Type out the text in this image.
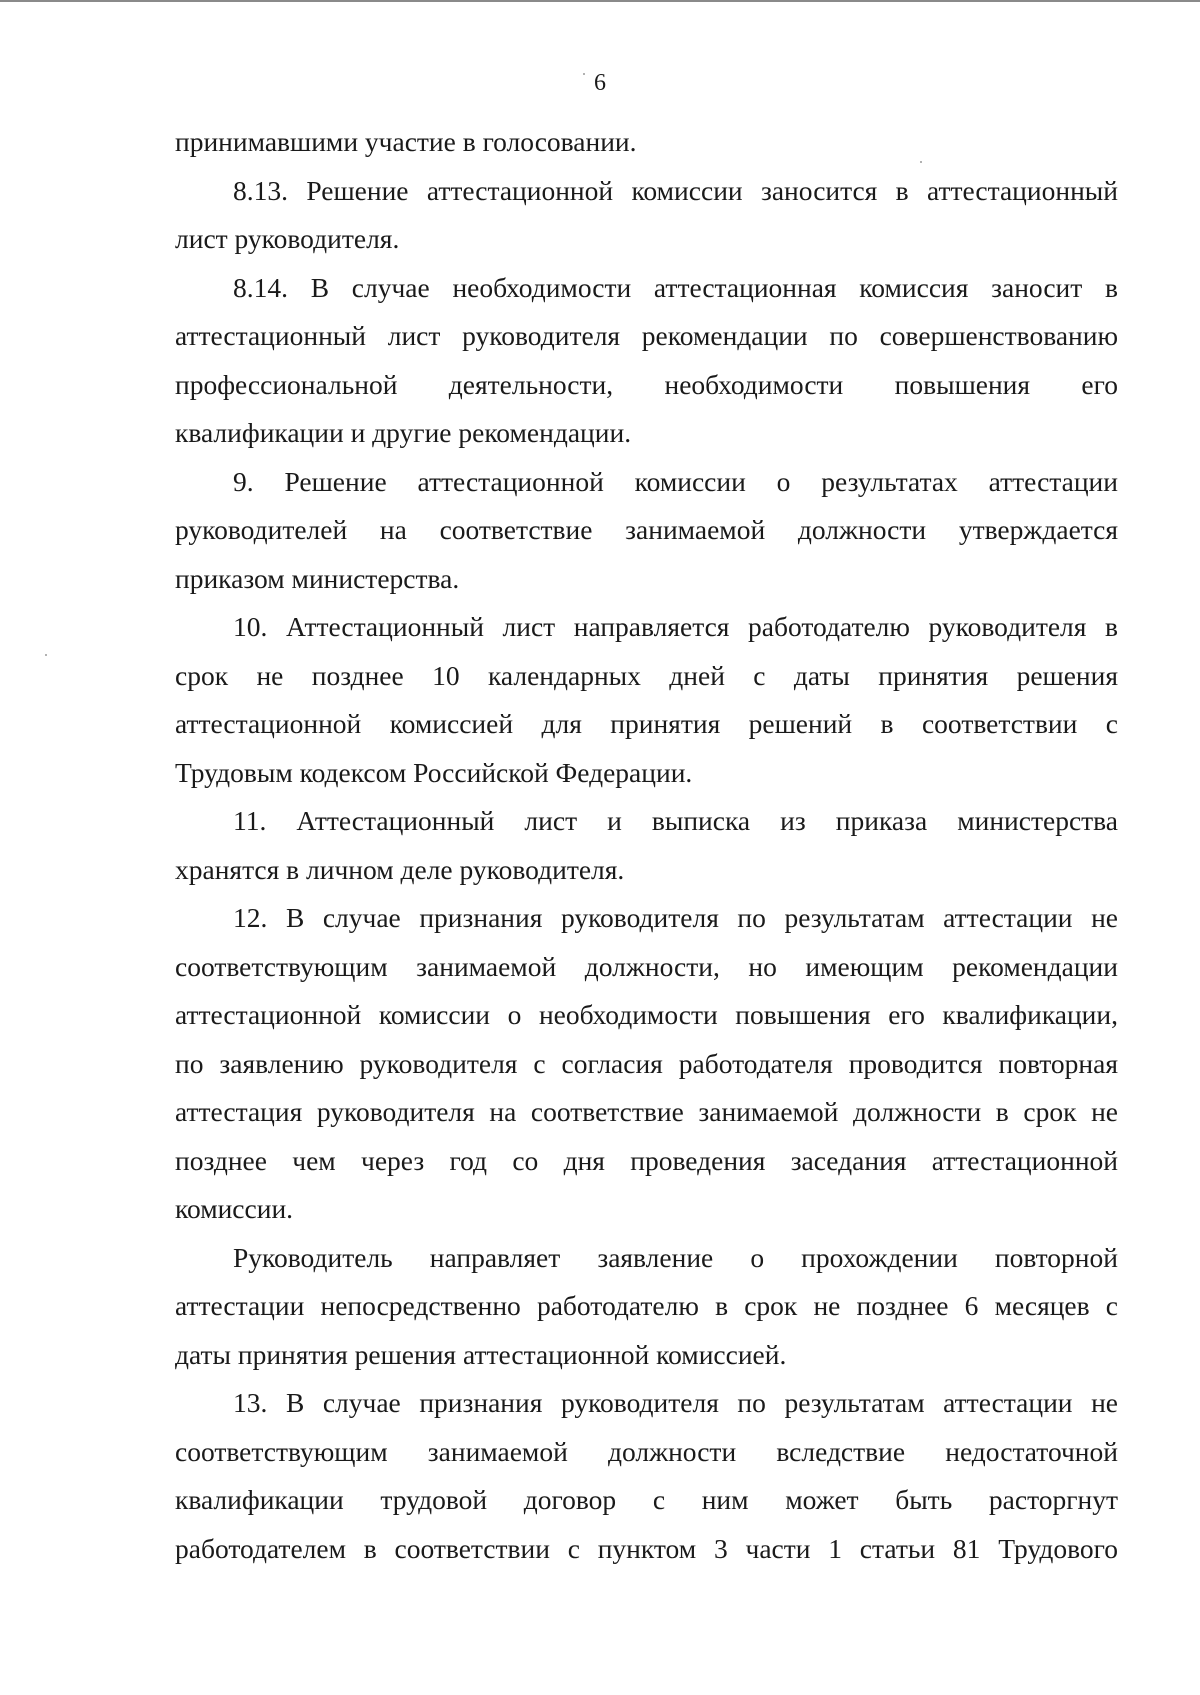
6
принимавшими участие в голосовании.
8.13. Решение аттестационной комиссии заносится в аттестационный
лист руководителя.
8.14. В случае необходимости аттестационная комиссия заносит в
аттестационный лист руководителя рекомендации по совершенствованию
профессиональной деятельности, необходимости повышения его
квалификации и другие рекомендации.
9. Решение аттестационной комиссии о результатах аттестации
руководителей на соответствие занимаемой должности утверждается
приказом министерства.
10. Аттестационный лист направляется работодателю руководителя в
срок не позднее 10 календарных дней с даты принятия решения
аттестационной комиссией для принятия решений в соответствии с
Трудовым кодексом Российской Федерации.
11. Аттестационный лист и выписка из приказа министерства
хранятся в личном деле руководителя.
12. В случае признания руководителя по результатам аттестации не
соответствующим занимаемой должности, но имеющим рекомендации
аттестационной комиссии о необходимости повышения его квалификации,
по заявлению руководителя с согласия работодателя проводится повторная
аттестация руководителя на соответствие занимаемой должности в срок не
позднее чем через год со дня проведения заседания аттестационной
комиссии.
Руководитель направляет заявление о прохождении повторной
аттестации непосредственно работодателю в срок не позднее 6 месяцев с
даты принятия решения аттестационной комиссией.
13. В случае признания руководителя по результатам аттестации не
соответствующим занимаемой должности вследствие недостаточной
квалификации трудовой договор с ним может быть расторгнут
работодателем в соответствии с пунктом 3 части 1 статьи 81 Трудового
